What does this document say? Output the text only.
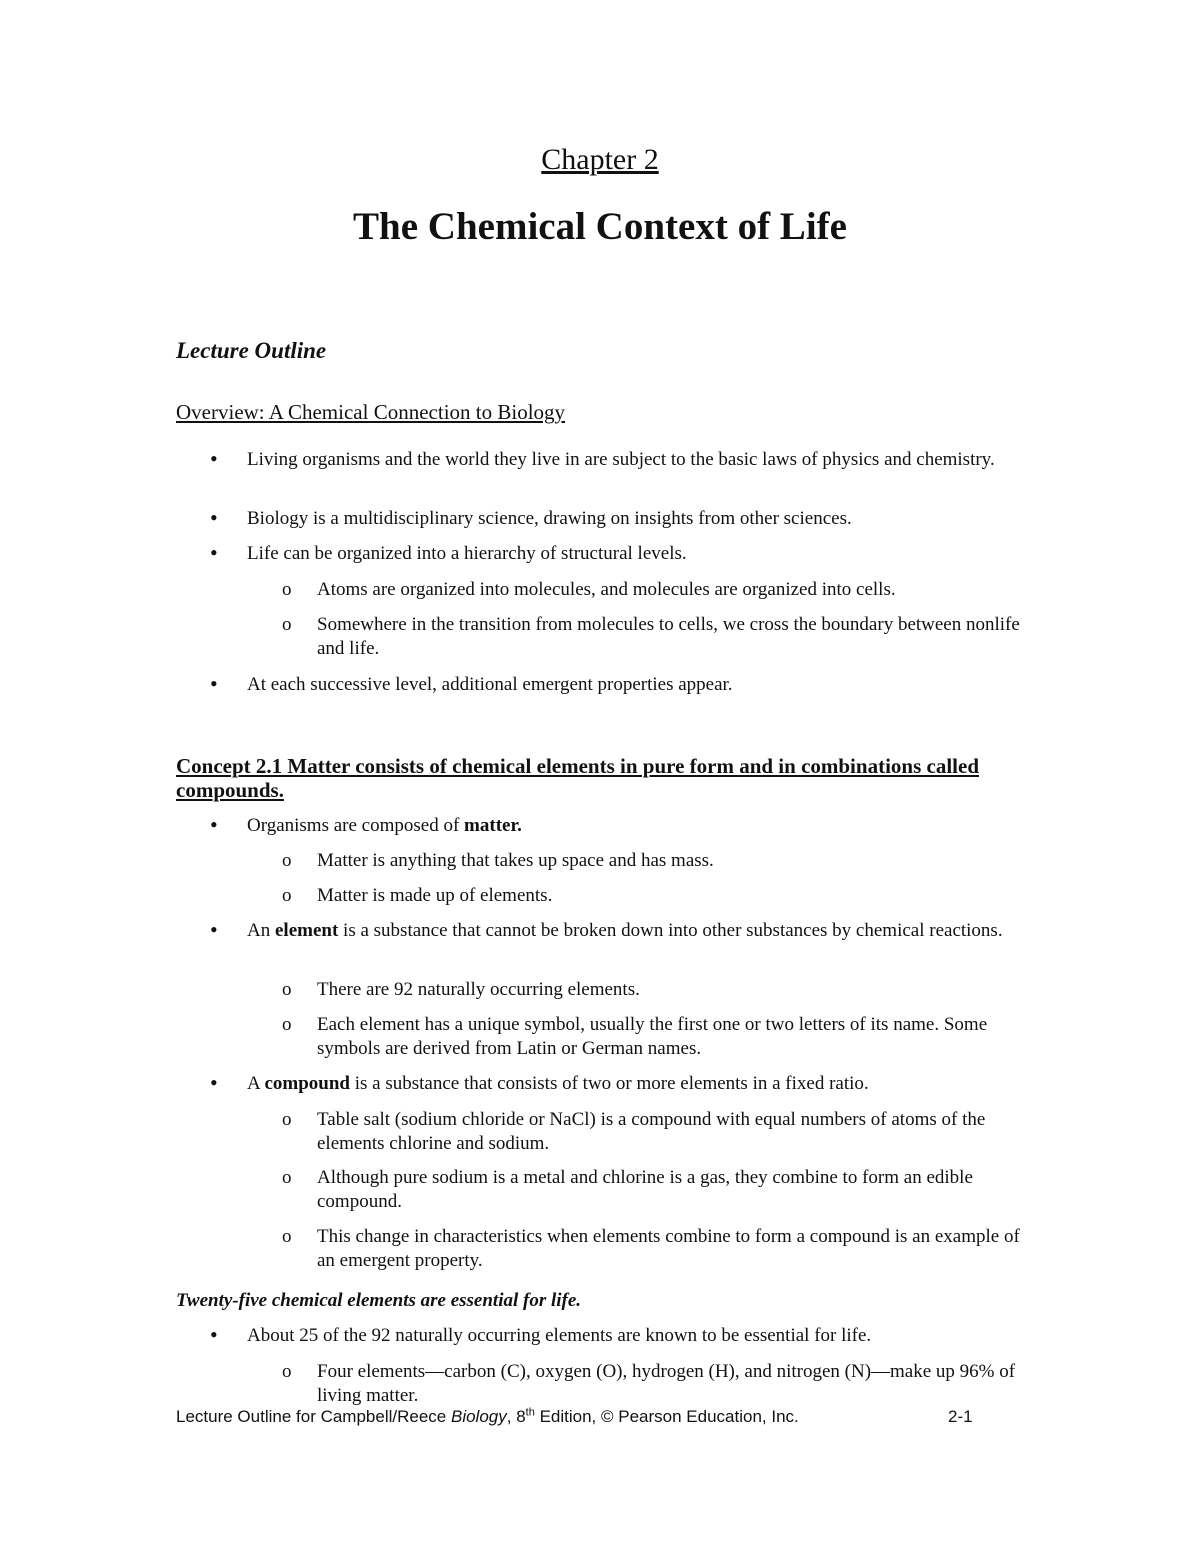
Chapter 2
The Chemical Context of Life
Lecture Outline
Overview: A Chemical Connection to Biology
• Living organisms and the world they live in are subject to the basic laws of physics and chemistry.
• Biology is a multidisciplinary science, drawing on insights from other sciences.
• Life can be organized into a hierarchy of structural levels.
o Atoms are organized into molecules, and molecules are organized into cells.
o Somewhere in the transition from molecules to cells, we cross the boundary between nonlife and life.
• At each successive level, additional emergent properties appear.
Concept 2.1 Matter consists of chemical elements in pure form and in combinations called compounds.
• Organisms are composed of matter.
o Matter is anything that takes up space and has mass.
o Matter is made up of elements.
• An element is a substance that cannot be broken down into other substances by chemical reactions.
o There are 92 naturally occurring elements.
o Each element has a unique symbol, usually the first one or two letters of its name. Some symbols are derived from Latin or German names.
• A compound is a substance that consists of two or more elements in a fixed ratio.
o Table salt (sodium chloride or NaCl) is a compound with equal numbers of atoms of the elements chlorine and sodium.
o Although pure sodium is a metal and chlorine is a gas, they combine to form an edible compound.
o This change in characteristics when elements combine to form a compound is an example of an emergent property.
Twenty-five chemical elements are essential for life.
• About 25 of the 92 naturally occurring elements are known to be essential for life.
o Four elements—carbon (C), oxygen (O), hydrogen (H), and nitrogen (N)—make up 96% of living matter.
Lecture Outline for Campbell/Reece Biology, 8th Edition, © Pearson Education, Inc.	2-1
